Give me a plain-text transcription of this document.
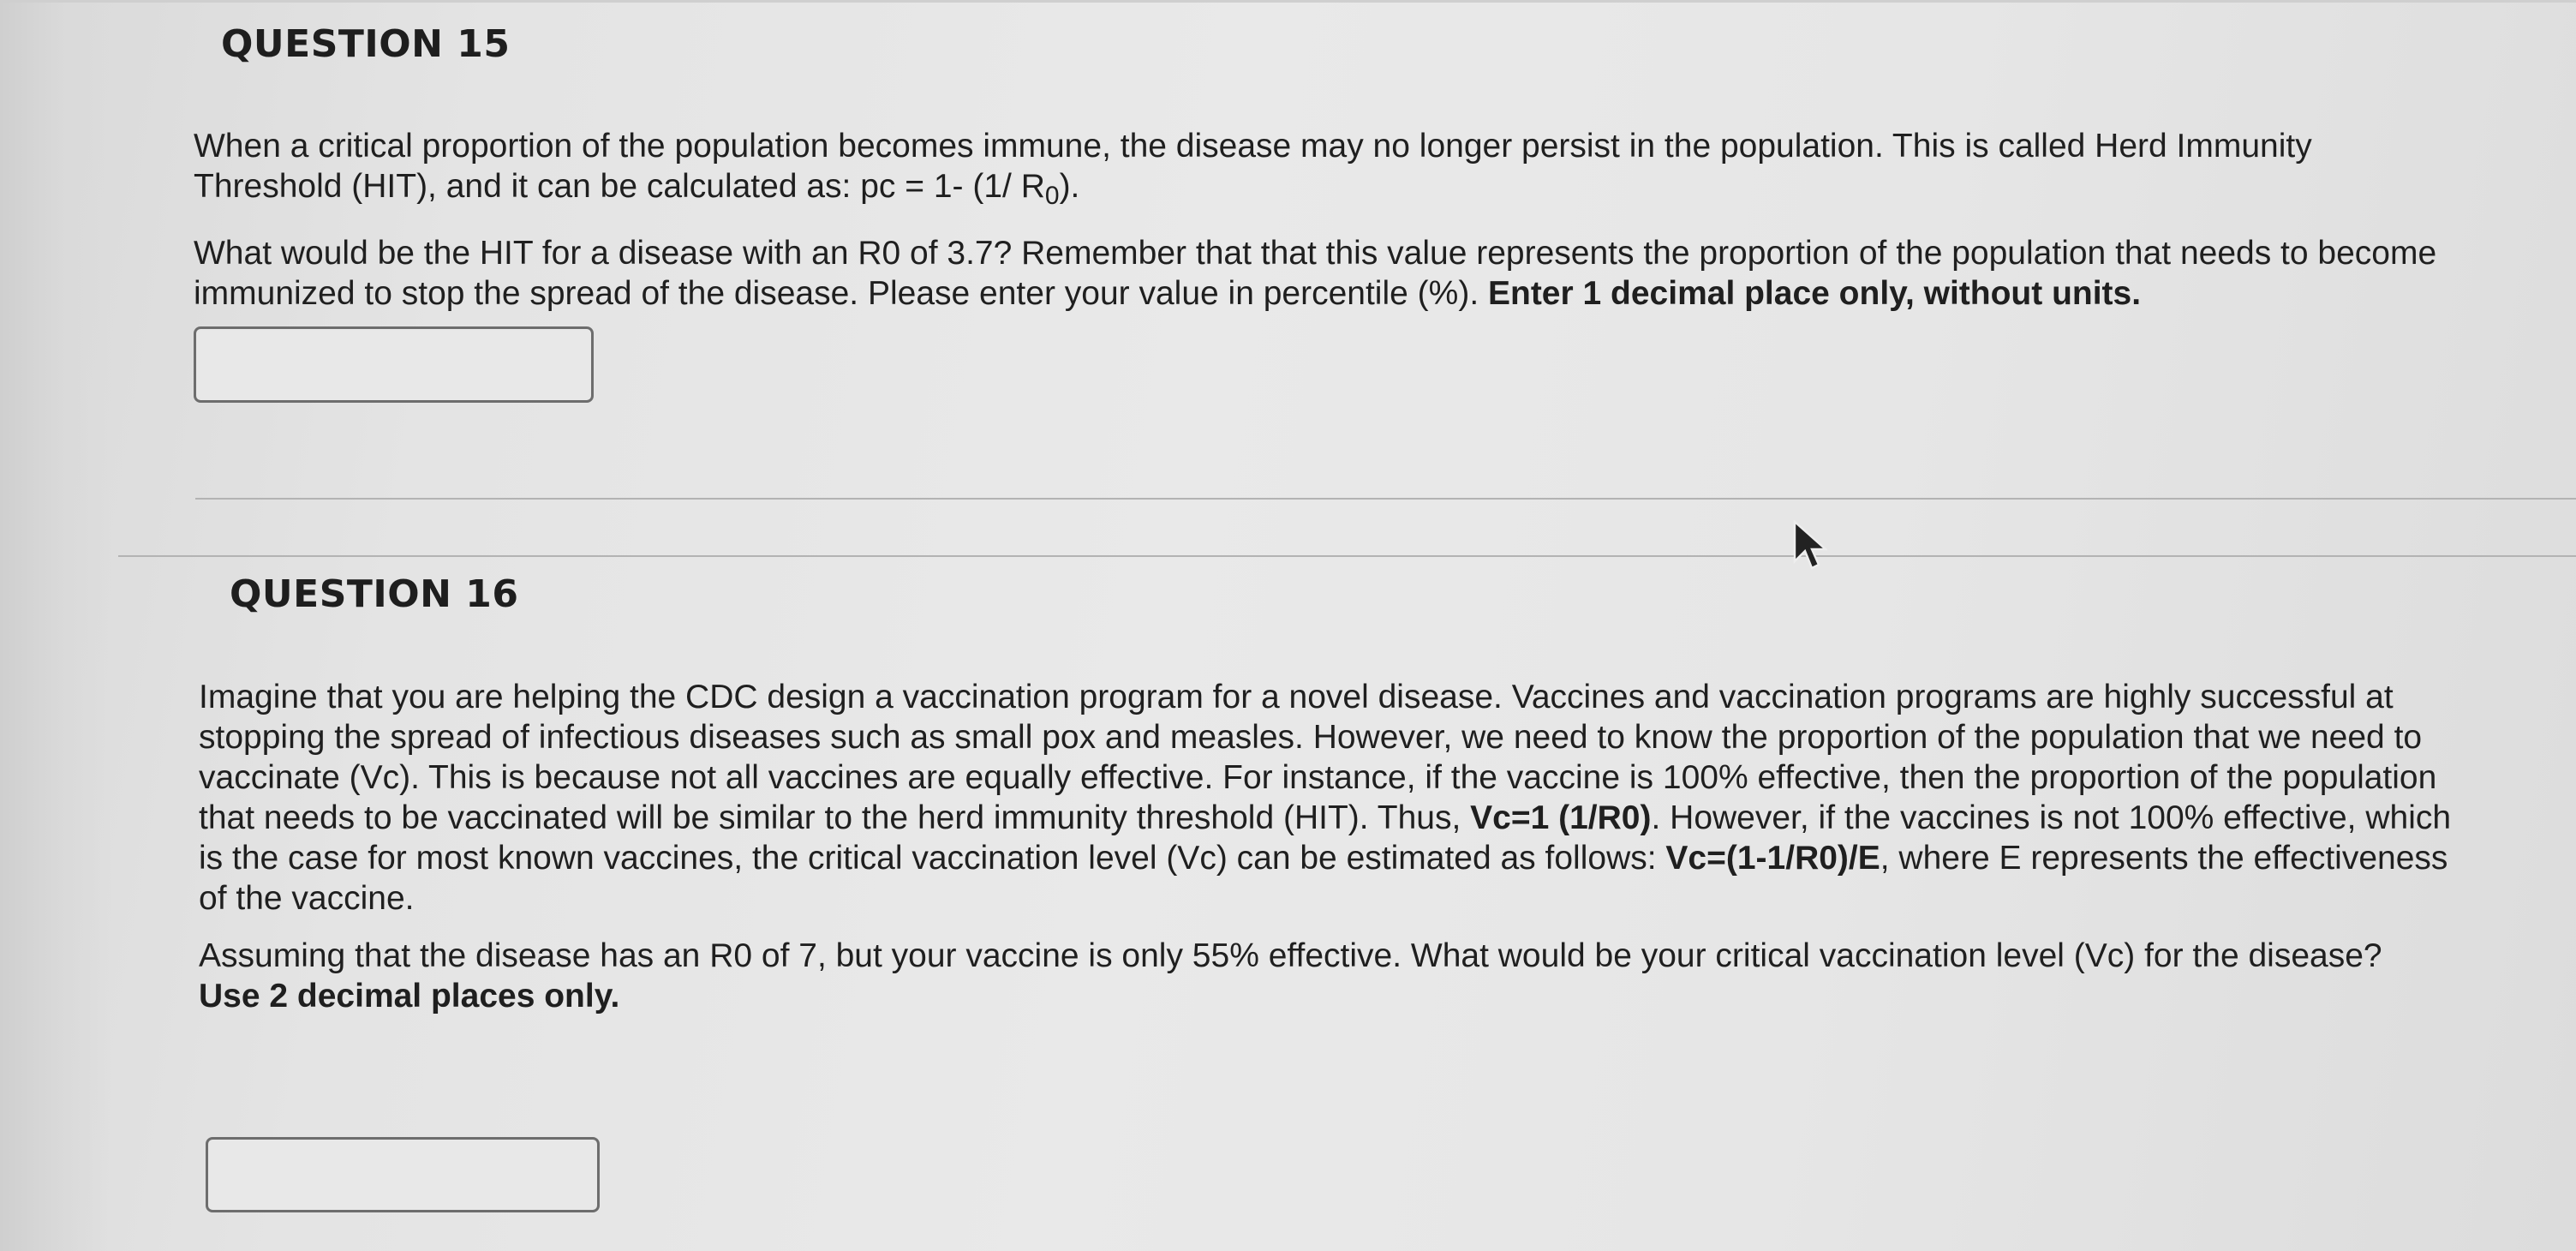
QUESTION 15

When a critical proportion of the population becomes immune, the disease may no longer persist in the population. This is called Herd Immunity Threshold (HIT), and it can be calculated as: pc = 1- (1/ $R_0$).

What would be the HIT for a disease with an R0 of 3.7? Remember that that this value represents the proportion of the population that needs to become immunized to stop the spread of the disease. Please enter your value in percentile (%). Enter 1 decimal place only, without units.

QUESTION 16

Imagine that you are helping the CDC design a vaccination program for a novel disease. Vaccines and vaccination programs are highly successful at stopping the spread of infectious diseases such as small pox and measles. However, we need to know the proportion of the population that we need to vaccinate (Vc). This is because not all vaccines are equally effective. For instance, if the vaccine is 100% effective, then the proportion of the population that needs to be vaccinated will be similar to the herd immunity threshold (HIT). Thus, Vc=1 (1/R0). However, if the vaccines is not 100% effective, which is the case for most known vaccines, the critical vaccination level (Vc) can be estimated as follows: Vc=(1-1/R0)/E, where E represents the effectiveness of the vaccine.

Assuming that the disease has an R0 of 7, but your vaccine is only 55% effective. What would be your critical vaccination level (Vc) for the disease? Use 2 decimal places only.
